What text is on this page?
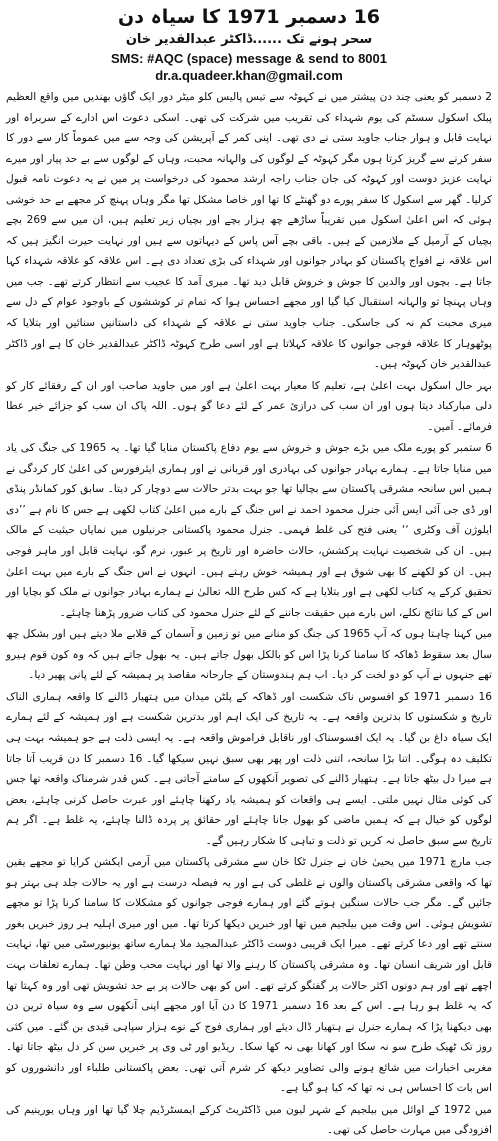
16 دسمبر 1971 کا سیاہ دن
سحر ہونے تک ......ڈاکٹر عبدالقدیر خان
SMS: #AQC (space) message & send to 8001
dr.a.quadeer.khan@gmail.com

2 دسمبر کو یعنی چند دن پیشتر میں نے کہوٹہ سے تیس پالیس کلو میٹر دور ایک گاؤں بھندیں میں واقع العظیم پبلک اسکول سسٹم کی یوم شہداء کی تقریب میں شرکت کی تھی۔ اسکی دعوت اس ادارے کے سربراہ اور نہایت قابل و ہوار جناب جاوید ستی نے دی تھی۔ اپنی کمر کے آپریشن کی وجہ سے میں عموماً کار سے دور کا سفر کرنے سے گریز کرتا ہوں مگر کہوٹہ کے لوگوں کی والہانہ محبت، وہاں کے لوگوں سے بے حد پیار اور میرے نہایت عزیز دوست اور کہوٹہ کی جان جناب راجہ ارشد محمود کی درخواست پر میں نے یہ دعوت نامہ قبول کرلیا۔ گھر سے اسکول کا سفر پورے دو گھنٹے کا تھا اور خاصا مشکل تھا مگر وہاں پہنچ کر مجھے بے حد خوشی ہوئی کہ اس اعلیٰ اسکول میں تقریباً ساڑھے چھ ہزار بچے اور بچیاں زیر تعلیم ہیں، ان میں سے 269 بچے بچیاں کے آرمیل کے ملازمین کے ہیں۔ باقی بچے آس پاس کے دیہاتوں سے ہیں اور نہایت حیرت انگیز ہیں کہ اس علاقہ نے افواج پاکستان کو بہادر جوانوں اور شہداء کی بڑی تعداد دی ہے۔ اس علاقہ کو علاقہ شہداء کہا جاتا ہے۔ بچوں اور والدین کا جوش و خروش قابل دید تھا۔ میری آمد کا عجیب سے انتظار کرتے تھے۔ جب میں وہاں پہنچا تو والہانہ استقبال کیا گیا اور مجھے احساس ہوا کہ تمام تر کوششوں کے باوجود عوام کے دل سے میری محبت کم نہ کی جاسکی۔ جناب جاوید ستی نے علاقہ کے شہداء کی داستانیں سنائیں اور بتلایا کہ پوٹھوہار کا علاقہ فوجی جوانوں کا علاقہ کہلاتا ہے اور اسی طرح کہوٹہ ڈاکٹر عبدالقدیر خان کا ہے اور ڈاکٹر عبدالقدیر خان کہوٹہ ہیں۔

بہر حال اسکول بہت اعلیٰ ہے، تعلیم کا معیار بہت اعلیٰ ہے اور میں جاوید صاحب اور ان کے رفقائے کار کو دلی مبارکباد دیتا ہوں اور ان سب کی درازیٔ عمر کے لئے دعا گو ہوں۔ اللہ پاک ان سب کو جزائے خیر عطا فرمائے۔ آمین۔

6 ستمبر کو پورے ملک میں بڑے جوش و خروش سے یوم دفاع پاکستان منایا گیا تھا۔ یہ 1965 کی جنگ کی یاد میں منایا جاتا ہے۔ ہمارے بہادر جوانوں کی بہادری اور قربانی نے اور ہماری ایئرفورس کی اعلیٰ کار کردگی نے ہمیں اس سانحہ مشرقی پاکستان سے بچالیا تھا جو بہت بدتر حالات سے دوچار کر دیتا۔ سابق کور کمانڈر پنڈی اور ڈی جی آئی ایس آئی جنرل محمود احمد نے اس جنگ کے بارے میں اعلیٰ کتاب لکھی ہے جس کا نام ہے ’’دی ایلوژن آف وکٹری ‘‘ یعنی فتح کی غلط فہمی۔ جنرل محمود پاکستانی جرنیلوں میں نمایاں حیثیت کے مالک ہیں۔ ان کی شخصیت نہایت پرکشش، حالات حاضرہ اور تاریخ پر عبور، نرم گو، نہایت قابل اور ماہر فوجی ہیں۔ ان کو لکھنے کا بھی شوق ہے اور ہمیشہ خوش رہتے ہیں۔ انہوں نے اس جنگ کے بارے میں بہت اعلیٰ تحقیق کرکے یہ کتاب لکھی ہے اور بتلایا ہے کہ کس طرح اللہ تعالیٰ نے ہمارے بہادر جوانوں نے ملک کو بچایا اور اس کے کیا نتائج نکلے، اس بارے میں حقیقت جاننے کے لئے جنرل محمود کی کتاب ضرور پڑھنا چاہئے۔

میں کہنا چاہتا ہوں کہ آپ 1965 کی جنگ کو منانے میں تو زمین و آسمان کے قلابے ملا دیتے ہیں اور بشکل چھ سال بعد سقوط ڈھاکہ کا سامنا کرنا پڑا اس کو بالکل بھول جاتے ہیں۔ یہ بھول جاتے ہیں کہ وہ کون قوم ہیرو تھے جنہوں نے آپ کو دو لخت کر دیا۔ اب ہم ہندوستان کے جارحانہ مقاصد پر ہمیشہ کے لئے پانی پھیر دیا۔

16 دسمبر 1971 کو افسوس ناک شکست اور ڈھاکہ کے پلٹن میدان میں ہتھیار ڈالنے کا واقعہ ہماری الناک تاریخ و شکستوں کا بدترین واقعہ ہے۔ یہ تاریخ کی ایک اہم اور بدترین شکست ہے اور ہمیشہ کے لئے ہمارے ایک سیاہ داغ بن گیا۔ یہ ایک افسوسناک اور ناقابل فراموش واقعہ ہے۔ یہ ایسی ذلت ہے جو ہمیشہ بہت ہی تکلیف دہ ہوگی۔ اتنا بڑا سانحہ، اتنی ذلت اور پھر بھی سبق نہیں سیکھا گیا۔ 16 دسمبر کا دن قریب آتا جاتا ہے میرا دل بیٹھ جاتا ہے۔ ہتھیار ڈالنے کی تصویر آنکھوں کے سامنے آجاتی ہے۔ کس قدر شرمناک واقعہ تھا جس کی کوئی مثال نہیں ملتی۔ ایسے ہی واقعات کو ہمیشہ یاد رکھنا چاہئے اور عبرت حاصل کرنی چاہئے، بعض لوگوں کو خیال ہے کہ ہمیں ماضی کو بھول جانا چاہئے اور حقائق پر پردہ ڈالنا چاہئے، یہ غلط ہے۔ اگر ہم تاریخ سے سبق حاصل نہ کریں تو ذلت و تباہی کا شکار رہیں گے۔

جب مارچ 1971 میں یحییٰ خان نے جنرل ٹکا خان سے مشرقی پاکستان میں آرمی ایکشن کرایا تو مجھے یقین تھا کہ واقعی مشرقی پاکستان والوں نے غلطی کی ہے اور یہ فیصلہ درست ہے اور یہ حالات جلد ہی بہتر ہو جائیں گے۔ مگر جب حالات سنگین ہوتے گئے اور ہمارے فوجی جوانوں کو مشکلات کا سامنا کرنا پڑا تو مجھے تشویش ہوئی۔ اس وقت میں بیلجیم میں تھا اور خبریں دیکھا کرتا تھا۔ میں اور میری اہلیہ ہر روز خبریں بغور سنتے تھے اور دعا کرتے تھے۔ میرا ایک قریبی دوست ڈاکٹر عبدالمجید ملا ہمارے ساتھ یونیورسٹی میں تھا، نہایت قابل اور شریف انسان تھا۔ وہ مشرقی پاکستان کا رہنے والا تھا اور نہایت محب وطن تھا۔ ہمارے تعلقات بہت اچھے تھے اور ہم دونوں اکثر حالات پر گفتگو کرتے تھے۔ اس کو بھی حالات پر بے حد تشویش تھی اور وہ کہتا تھا کہ یہ غلط ہو رہا ہے۔ اس کے بعد 16 دسمبر 1971 کا دن آیا اور مجھے اپنی آنکھوں سے وہ سیاہ ترین دن بھی دیکھنا پڑا کہ ہمارے جنرل نے ہتھیار ڈال دیئے اور ہماری فوج کے نوے ہزار سپاہی قیدی بن گئے۔ میں کئی روز تک ٹھیک طرح سو نہ سکا اور کھانا بھی نہ کھا سکا۔ ریڈیو اور ٹی وی پر خبریں سن کر دل بیٹھ جاتا تھا۔ مغربی اخبارات میں شائع ہونے والی تصاویر دیکھ کر شرم آتی تھی۔ بعض پاکستانی طلباء اور دانشوروں کو اس بات کا احساس ہی نہ تھا کہ کیا ہو گیا ہے۔

میں 1972 کے اوائل میں بیلجیم کے شہر لیون میں ڈاکٹریٹ کرکے ایمسٹرڈیم چلا گیا تھا اور وہاں یورینیم کی افزودگی میں مہارت حاصل کی تھی۔
